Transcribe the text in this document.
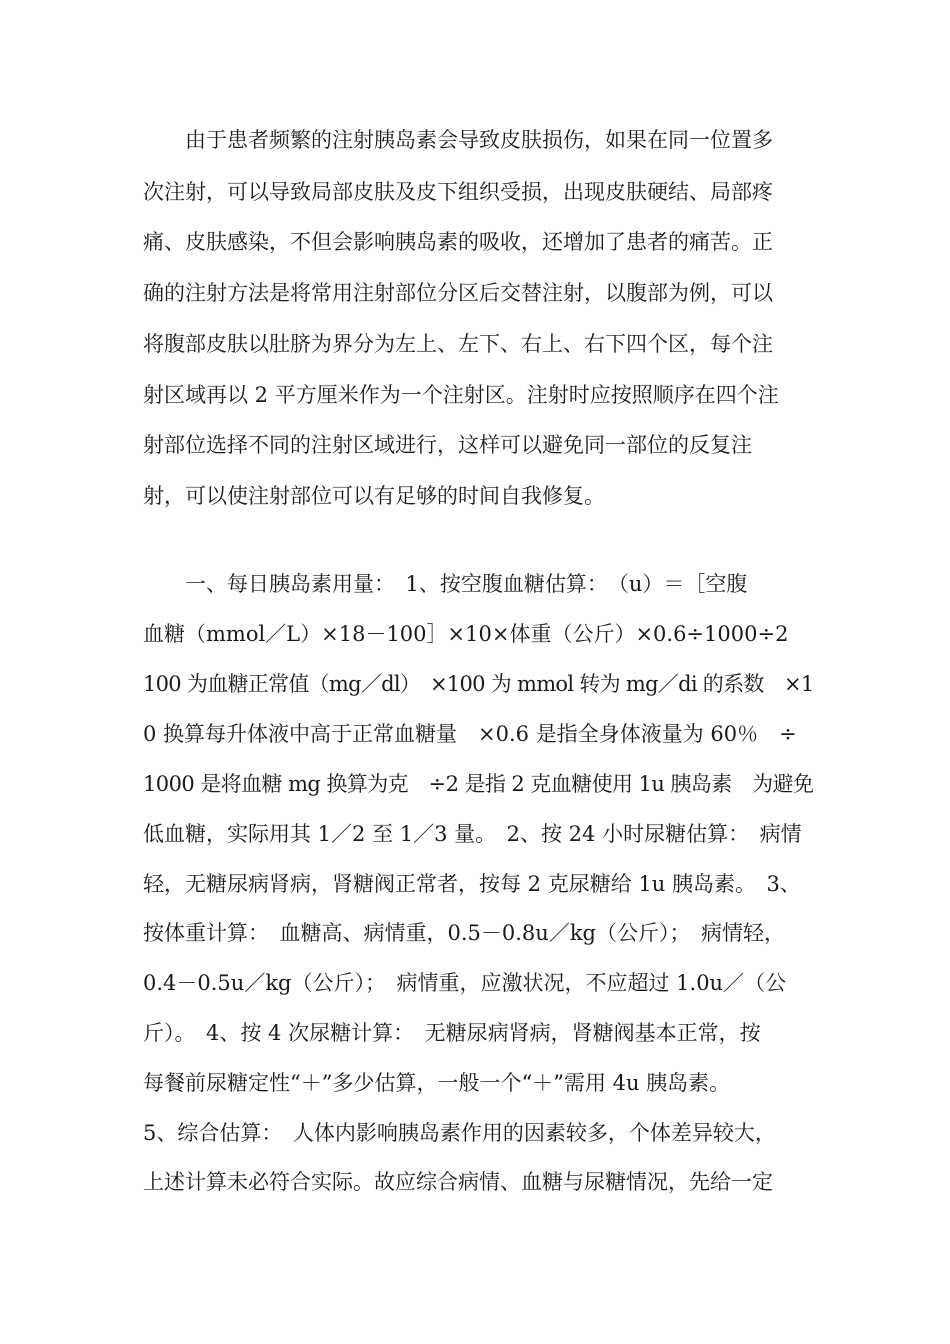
　　由于患者频繁的注射胰岛素会导致皮肤损伤，如果在同一位置多
次注射，可以导致局部皮肤及皮下组织受损，出现皮肤硬结、局部疼
痛、皮肤感染，不但会影响胰岛素的吸收，还增加了患者的痛苦。正
确的注射方法是将常用注射部位分区后交替注射，以腹部为例，可以
将腹部皮肤以肚脐为界分为左上、左下、右上、右下四个区，每个注
射区域再以 2 平方厘米作为一个注射区。注射时应按照顺序在四个注
射部位选择不同的注射区域进行，这样可以避免同一部位的反复注
射，可以使注射部位可以有足够的时间自我修复。
　　一、每日胰岛素用量：　1、按空腹血糖估算：　（u）＝［空腹
血糖（mmol／L）×18－100］×10×体重（公斤）×0.6÷1000÷2
100 为血糖正常值（mg／dl）　×100 为 mmol 转为 mg／di 的系数　×1
0 换算每升体液中高于正常血糖量　×0.6 是指全身体液量为 60％　÷
1000 是将血糖 mg 换算为克　÷2 是指 2 克血糖使用 1u 胰岛素　为避免
低血糖，实际用其 1／2 至 1／3 量。　2、按 24 小时尿糖估算：　病情
轻，无糖尿病肾病，肾糖阀正常者，按每 2 克尿糖给 1u 胰岛素。　3、
按体重计算：　血糖高、病情重，0.5－0.8u／kg（公斤）；　病情轻，
0.4－0.5u／kg（公斤）；　病情重，应激状况，不应超过 1.0u／（公
斤）。　4、按 4 次尿糖计算：　无糖尿病肾病，肾糖阀基本正常，按
每餐前尿糖定性“＋”多少估算，一般一个“＋”需用 4u 胰岛素。
5、综合估算：　人体内影响胰岛素作用的因素较多，个体差异较大，
上述计算未必符合实际。故应综合病情、血糖与尿糖情况，先给一定
